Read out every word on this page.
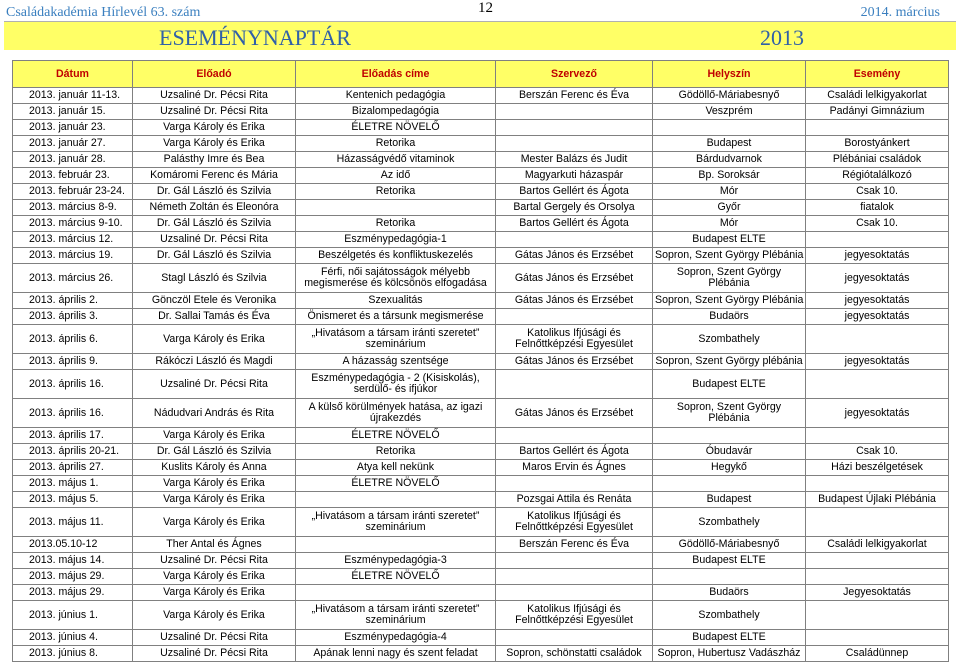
Családakadémia Hírlevél 63. szám	12	2014. március
ESEMÉNYNAPTÁR	2013
Dátum	Előadó	Előadás címe	Szervező	Helyszín	Esemény
2013. január 11-13.	Uzsaliné Dr. Pécsi Rita	Kentenich pedagógia	Berszán Ferenc és Éva	Gödöllő-Máriabesnyő	Családi lelkigyakorlat
2013. január 15.	Uzsaliné Dr. Pécsi Rita	Bizalompedagógia		Veszprém	Padányi Gimnázium
2013. január 23.	Varga Károly és Erika	ÉLETRE NÖVELŐ			
2013. január 27.	Varga Károly és Erika	Retorika		Budapest	Borostyánkert
2013. január 28.	Palásthy Imre és Bea	Házasságvédő vitaminok	Mester Balázs és Judit	Bárdudvarnok	Plébániai családok
2013. február 23.	Komáromi Ferenc és Mária	Az idő	Magyarkuti házaspár	Bp. Soroksár	Régiótalálkozó
2013. február 23-24.	Dr. Gál László és Szilvia	Retorika	Bartos Gellért és Ágota	Mór	Csak 10.
2013. március 8-9.	Németh Zoltán és Eleonóra		Bartal Gergely és Orsolya	Győr	fiatalok
2013. március 9-10.	Dr. Gál László és Szilvia	Retorika	Bartos Gellért és Ágota	Mór	Csak 10.
2013. március 12.	Uzsaliné Dr. Pécsi Rita	Eszménypedagógia-1		Budapest ELTE	
2013. március 19.	Dr. Gál László és Szilvia	Beszélgetés és konfliktuskezelés	Gátas János és Erzsébet	Sopron, Szent György Plébánia	jegyesoktatás
2013. március 26.	Stagl László és Szilvia	Férfi, női sajátosságok mélyebb megismerése és kölcsönös elfogadása	Gátas János és Erzsébet	Sopron, Szent György Plébánia	jegyesoktatás
2013. április 2.	Gönczöl Etele és Veronika	Szexualitás	Gátas János és Erzsébet	Sopron, Szent György Plébánia	jegyesoktatás
2013. április 3.	Dr. Sallai Tamás és Éva	Önismeret és a társunk megismerése		Budaörs	jegyesoktatás
2013. április 6.	Varga Károly és Erika	„Hivatásom a társam iránti szeretet” szeminárium	Katolikus Ifjúsági és Felnőttképzési Egyesület	Szombathely	
2013. április 9.	Rákóczi László és Magdi	A házasság szentsége	Gátas János és Erzsébet	Sopron, Szent György plébánia	jegyesoktatás
2013. április 16.	Uzsaliné Dr. Pécsi Rita	Eszménypedagógia - 2 (Kisiskolás), serdülő- és ifjúkor		Budapest ELTE	
2013. április 16.	Nádudvari András és Rita	A külső körülmények hatása, az igazi újrakezdés	Gátas János és Erzsébet	Sopron, Szent György Plébánia	jegyesoktatás
2013. április 17.	Varga Károly és Erika	ÉLETRE NÖVELŐ			
2013. április 20-21.	Dr. Gál László és Szilvia	Retorika	Bartos Gellért és Ágota	Óbudavár	Csak 10.
2013. április 27.	Kuslits Károly és Anna	Atya kell nekünk	Maros Ervin és Ágnes	Hegykő	Házi beszélgetések
2013. május 1.	Varga Károly és Erika	ÉLETRE NÖVELŐ			
2013. május 5.	Varga Károly és Erika		Pozsgai Attila és Renáta	Budapest	Budapest Újlaki Plébánia
2013. május 11.	Varga Károly és Erika	„Hivatásom a társam iránti szeretet” szeminárium	Katolikus Ifjúsági és Felnőttképzési Egyesület	Szombathely	
2013.05.10-12	Ther Antal és Ágnes		Berszán Ferenc és Éva	Gödöllő-Máriabesnyő	Családi lelkigyakorlat
2013. május 14.	Uzsaliné Dr. Pécsi Rita	Eszménypedagógia-3		Budapest ELTE	
2013. május 29.	Varga Károly és Erika	ÉLETRE NÖVELŐ			
2013. május 29.	Varga Károly és Erika			Budaörs	Jegyesoktatás
2013. június 1.	Varga Károly és Erika	„Hivatásom a társam iránti szeretet” szeminárium	Katolikus Ifjúsági és Felnőttképzési Egyesület	Szombathely	
2013. június 4.	Uzsaliné Dr. Pécsi Rita	Eszménypedagógia-4		Budapest ELTE	
2013. június 8.	Uzsaliné Dr. Pécsi Rita	Apának lenni nagy és szent feladat	Sopron, schönstatti családok	Sopron, Hubertusz Vadászház	Családünnep
